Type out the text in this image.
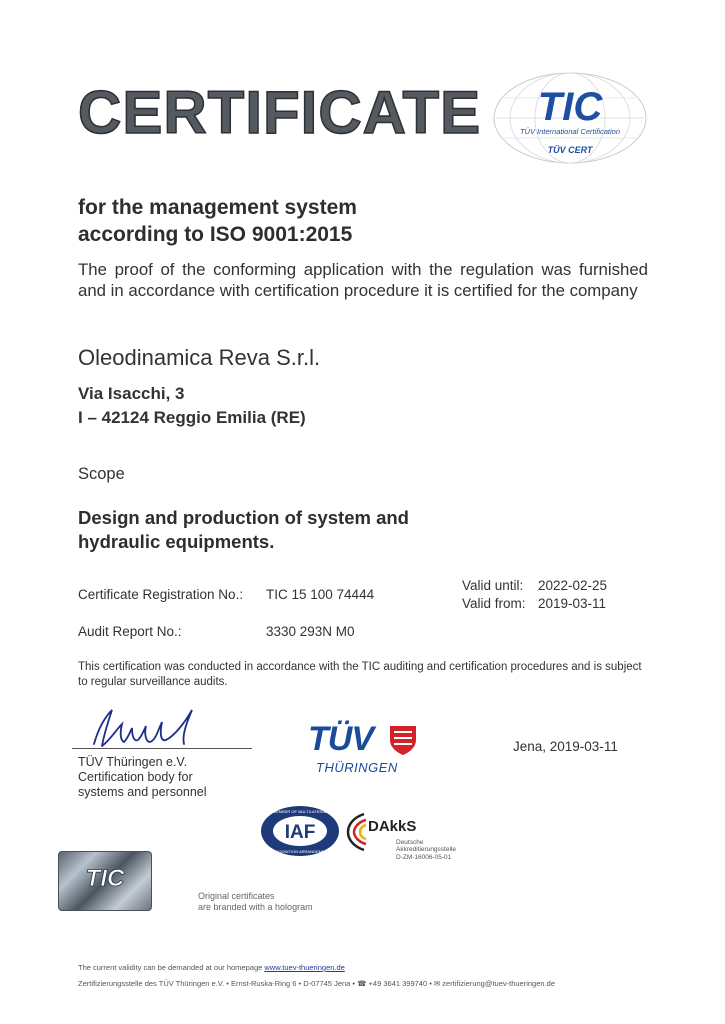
CERTIFICATE TIC
TÜV International Certification
TÜV CERT
for the management system
according to ISO 9001:2015
The proof of the conforming application with the regulation was furnished and in accordance with certification procedure it is certified for the company
Oleodinamica Reva S.r.l.
Via Isacchi, 3
I – 42124 Reggio Emilia (RE)
Scope
Design and production of system and
hydraulic equipments.
Certificate Registration No.: TIC 15 100 74444
Valid until: 2022-02-25
Valid from: 2019-03-11
Audit Report No.:	3330 293N M0
This certification was conducted in accordance with the TIC auditing and certification procedures and is subject to regular surveillance audits.
TÜV Thüringen e.V.
Certification body for
systems and personnel
TÜV
THÜRINGEN
Jena, 2019-03-11
IAF
MEMBER OF MULTILATERAL
RECOGNITION ARRANGEMENT
DAkkS
Deutsche
Akkreditierungsstelle
D-ZM-16006-05-01
TIC
Original certificates
are branded with a hologram
The current validity can be demanded at our homepage www.tuev-thueringen.de
Zertifizierungsstelle des TÜV Thüringen e.V. • Ernst-Ruska-Ring 6 • D-07745 Jena • ☎ +49 3641 399740 • ✉ zertifizierung@tuev-thueringen.de
